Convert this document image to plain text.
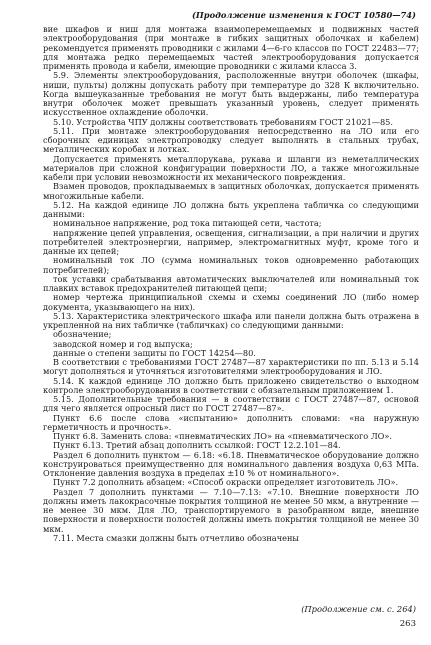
(Продолжение изменения к ГОСТ 10580—74)

вие шкафов и ниш для монтажа взаимоперемещаемых и подвижных частей электрооборудования (при монтаже в гибких защитных оболочках и кабелем) рекомендуется применять проводники с жилами 4—6-го классов по ГОСТ 22483—77; для монтажа редко перемещаемых частей электрооборудования допускается применять провода и кабели, имеющие проводники с жилами класса 3.

5.9. Элементы электрооборудования, расположенные внутри оболочек (шкафы, ниши, пульты) должны допускать работу при температуре до 328 К включительно. Когда вышеуказанные требования не могут быть выдержаны, либо температура внутри оболочек может превышать указанный уровень, следует применять искусственное охлаждение оболочки.

5.10. Устройства ЧПУ должны соответствовать требованиям ГОСТ 21021—85.

5.11. При монтаже электрооборудования непосредственно на ЛО или его сборочных единицах электропроводку следует выполнять в стальных трубах, металлических коробах и лотках.

Допускается применять металлорукава, рукава и шланги из неметаллических материалов при сложной конфигурации поверхности ЛО, а также многожильные кабели при условии невозможности их механического повреждения.

Взамен проводов, прокладываемых в защитных оболочках, допускается применять многожильные кабели.

5.12. На каждой единице ЛО должна быть укреплена табличка со следующими данными:

номинальное напряжение, род тока питающей сети, частота;

напряжение цепей управления, освещения, сигнализации, а при наличии и других потребителей электроэнергии, например, электромагнитных муфт, кроме того и данные их цепей;

номинальный ток ЛО (сумма номинальных токов одновременно работающих потребителей);

ток уставки срабатывания автоматических выключателей или номинальный ток плавких вставок предохранителей питающей цепи;

номер чертежа принципиальной схемы и схемы соединений ЛО (либо номер документа, указывающего на них).

5.13. Характеристика электрического шкафа или панели должна быть отражена в укрепленной на них табличке (табличках) со следующими данными:

обозначение;

заводской номер и год выпуска;

данные о степени защиты по ГОСТ 14254—80.

В соответствии с требованиями ГОСТ 27487—87 характеристики по пп. 5.13 и 5.14 могут дополняться и уточняться изготовителями электрооборудования и ЛО.

5.14. К каждой единице ЛО должно быть приложено свидетельство о выходном контроле электрооборудования в соответствии с обязательным приложением 1.

5.15. Дополнительные требования — в соответствии с ГОСТ 27487—87, основой для чего является опросный лист по ГОСТ 27487—87».

Пункт 6.6 после слова «испытанию» дополнить словами: «на наружную герметичность и прочность».

Пункт 6.8. Заменить слова: «пневматических ЛО» на «пневматического ЛО».

Пункт 6.13. Третий абзац дополнить ссылкой: ГОСТ 12.2.101—84.

Раздел 6 дополнить пунктом — 6.18: «6.18. Пневматическое оборудование должно конструироваться преимущественно для номинального давления воздуха 0,63 МПа. Отклонение давления воздуха в пределах ±10 % от номинального».

Пункт 7.2 дополнить абзацем: «Способ окраски определяет изготовитель ЛО».

Раздел 7 дополнить пунктами — 7.10—7.13: «7.10. Внешние поверхности ЛО должны иметь лакокрасочные покрытия толщиной не менее 50 мкм, а внутренние — не менее 30 мкм. Для ЛО, транспортируемого в разобранном виде, внешние поверхности и поверхности полостей должны иметь покрытия толщиной не менее 30 мкм.

7.11. Места смазки должны быть отчетливо обозначены

(Продолжение см. с. 264)
263
